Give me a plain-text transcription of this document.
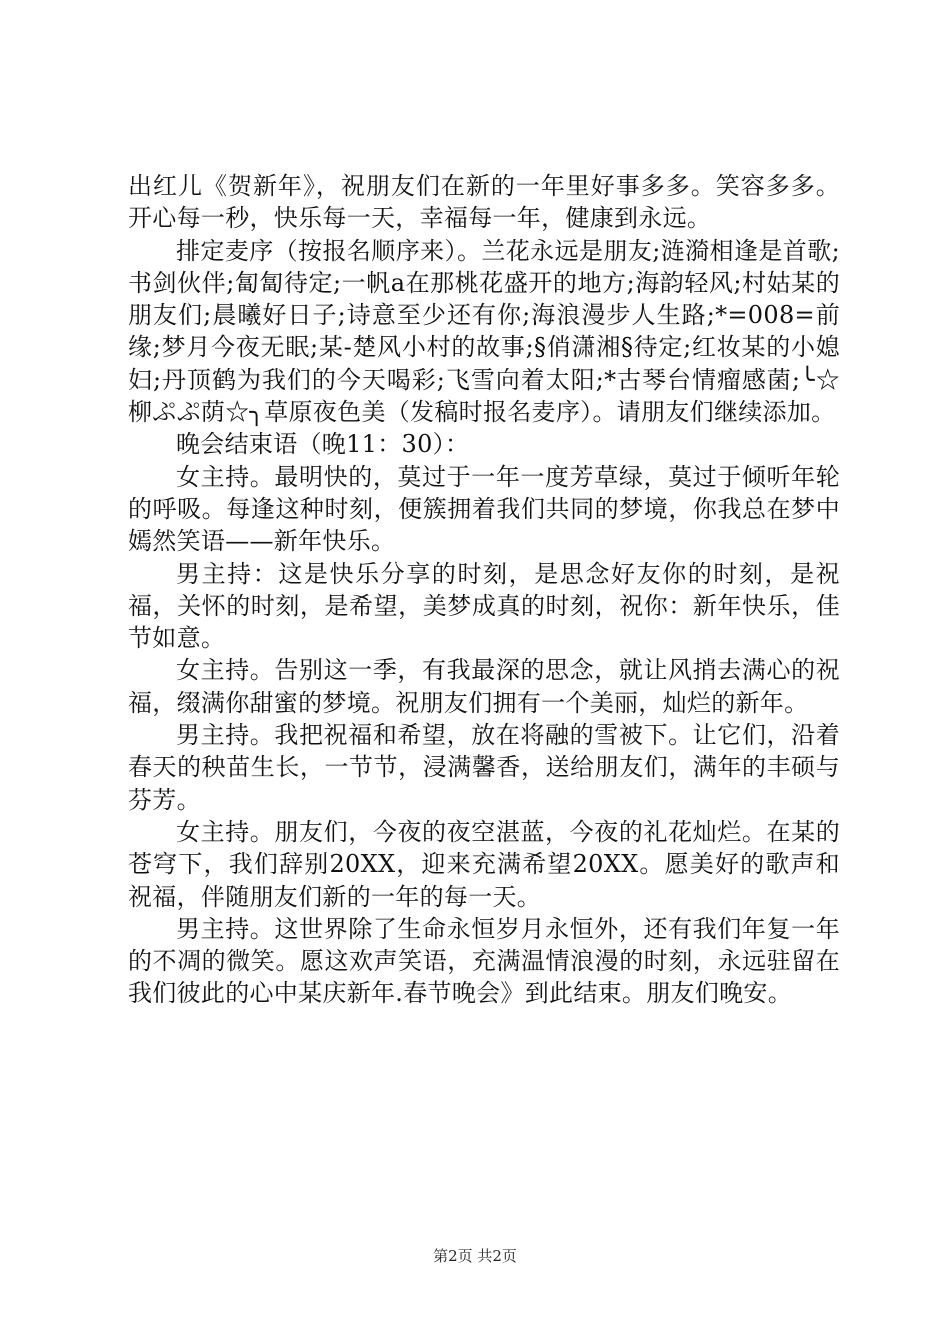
出红儿《贺新年》，祝朋友们在新的一年里好事多多。笑容多多。开心每一秒，快乐每一天，幸福每一年，健康到永远。

排定麦序（按报名顺序来）。兰花永远是朋友;涟漪相逢是首歌;书剑伙伴;匐匐待定;一帆a在那桃花盛开的地方;海韵轻风;村姑某的朋友们;晨曦好日子;诗意至少还有你;海浪漫步人生路;*=008=前缘;梦月今夜无眠;某-楚风小村的故事;§俏潇湘§待定;红妆某的小媳妇;丹顶鹤为我们的今天喝彩;飞雪向着太阳;*古琴台情瘤感菌;╰☆柳ぷぷ荫☆╮草原夜色美（发稿时报名麦序）。请朋友们继续添加。

晚会结束语（晚11：30）：

女主持。最明快的，莫过于一年一度芳草绿，莫过于倾听年轮的呼吸。每逢这种时刻，便簇拥着我们共同的梦境，你我总在梦中嫣然笑语——新年快乐。

男主持：这是快乐分享的时刻，是思念好友你的时刻，是祝福，关怀的时刻，是希望，美梦成真的时刻，祝你：新年快乐，佳节如意。

女主持。告别这一季，有我最深的思念，就让风捎去满心的祝福，缀满你甜蜜的梦境。祝朋友们拥有一个美丽，灿烂的新年。

男主持。我把祝福和希望，放在将融的雪被下。让它们，沿着春天的秧苗生长，一节节，浸满馨香，送给朋友们，满年的丰硕与芬芳。

女主持。朋友们，今夜的夜空湛蓝，今夜的礼花灿烂。在某的苍穹下，我们辞别20XX，迎来充满希望20XX。愿美好的歌声和祝福，伴随朋友们新的一年的每一天。

男主持。这世界除了生命永恒岁月永恒外，还有我们年复一年的不凋的微笑。愿这欢声笑语，充满温情浪漫的时刻，永远驻留在我们彼此的心中某庆新年.春节晚会》到此结束。朋友们晚安。

第2页 共2页
